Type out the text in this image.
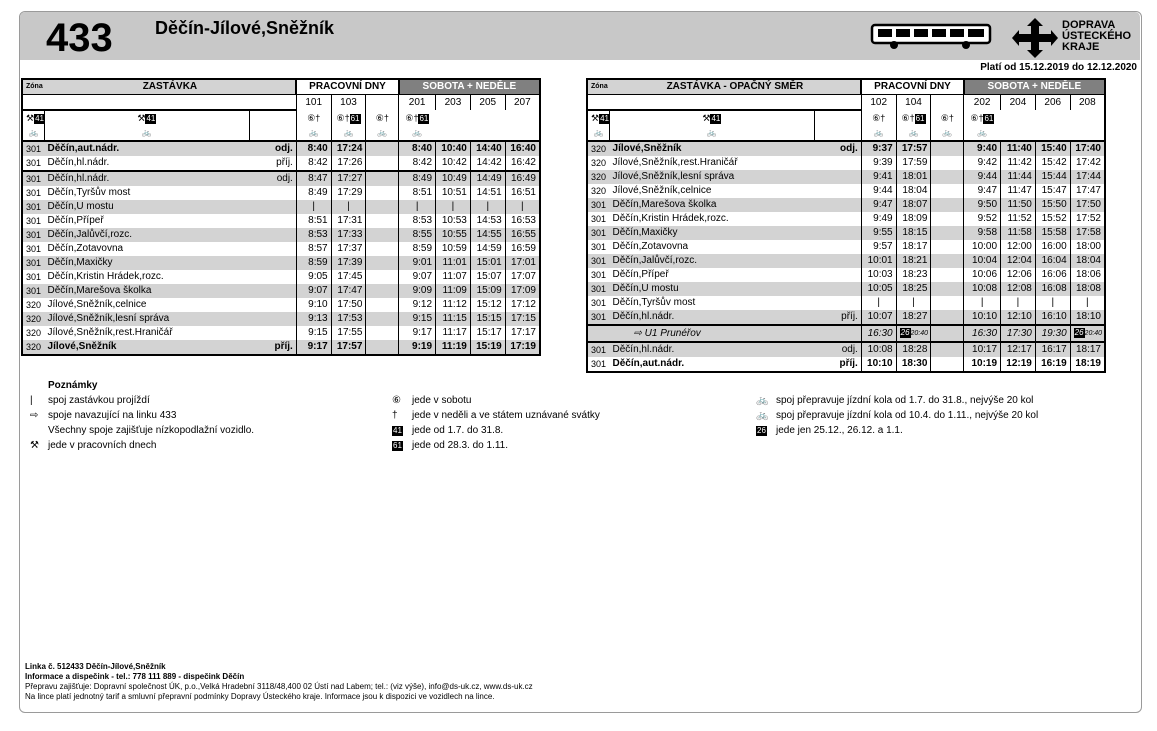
433 Děčín-Jílové,Sněžník	DOPRAVA
ÚSTECKÉHO
KRAJE
Platí od 15.12.2019 do 12.12.2020
Zóna	ZASTÁVKA		PRACOVNÍ DNY			SOBOTA + NEDĚLE			
			101	103		201	203	205	207
⚒41	⚒41		⑥†	⑥†61	⑥†	⑥†61			
🚲	🚲		🚲	🚲	🚲	🚲			
301	Děčín,aut.nádr.	odj.	8:40	17:24		8:40	10:40	14:40	16:40
301	Děčín,hl.nádr.	příj.	8:42	17:26		8:42	10:42	14:42	16:42
301	Děčín,hl.nádr.	odj.	8:47	17:27		8:49	10:49	14:49	16:49
301	Děčín,Tyršův most		8:49	17:29		8:51	10:51	14:51	16:51
301	Děčín,U mostu		|	|		|	|	|	|
301	Děčín,Přípeř		8:51	17:31		8:53	10:53	14:53	16:53
301	Děčín,Jalůvčí,rozc.		8:53	17:33		8:55	10:55	14:55	16:55
301	Děčín,Zotavovna		8:57	17:37		8:59	10:59	14:59	16:59
301	Děčín,Maxičky		8:59	17:39		9:01	11:01	15:01	17:01
301	Děčín,Kristin Hrádek,rozc.		9:05	17:45		9:07	11:07	15:07	17:07
301	Děčín,Marešova školka		9:07	17:47		9:09	11:09	15:09	17:09
320	Jílové,Sněžník,celnice		9:10	17:50		9:12	11:12	15:12	17:12
320	Jílové,Sněžník,lesní správa		9:13	17:53		9:15	11:15	15:15	17:15
320	Jílové,Sněžník,rest.Hraničář		9:15	17:55		9:17	11:17	15:17	17:17
320	Jílové,Sněžník	příj.	9:17	17:57		9:19	11:19	15:19	17:19
Zóna	ZASTÁVKA - OPAČNÝ SMĚR		PRACOVNÍ DNY			SOBOTA + NEDĚLE			
			102	104		202	204	206	208
⚒41	⚒41		⑥†	⑥†61	⑥†	⑥†61			
🚲	🚲		🚲	🚲	🚲	🚲			
320	Jílové,Sněžník	odj.	9:37	17:57		9:40	11:40	15:40	17:40
320	Jílové,Sněžník,rest.Hraničář		9:39	17:59		9:42	11:42	15:42	17:42
320	Jílové,Sněžník,lesní správa		9:41	18:01		9:44	11:44	15:44	17:44
320	Jílové,Sněžník,celnice		9:44	18:04		9:47	11:47	15:47	17:47
301	Děčín,Marešova školka		9:47	18:07		9:50	11:50	15:50	17:50
301	Děčín,Kristin Hrádek,rozc.		9:49	18:09		9:52	11:52	15:52	17:52
301	Děčín,Maxičky		9:55	18:15		9:58	11:58	15:58	17:58
301	Děčín,Zotavovna		9:57	18:17		10:00	12:00	16:00	18:00
301	Děčín,Jalůvčí,rozc.		10:01	18:21		10:04	12:04	16:04	18:04
301	Děčín,Přípeř		10:03	18:23		10:06	12:06	16:06	18:06
301	Děčín,U mostu		10:05	18:25		10:08	12:08	16:08	18:08
301	Děčín,Tyršův most		|	|		|	|	|	|
301	Děčín,hl.nádr.	příj.	10:07	18:27		10:10	12:10	16:10	18:10
	⇨ U1 Prunéřov		16:30	2620:40		16:30	17:30	19:30	2620:40
301	Děčín,hl.nádr.	odj.	10:08	18:28		10:17	12:17	16:17	18:17
301	Děčín,aut.nádr.	příj.	10:10	18:30		10:19	12:19	16:19	18:19
Poznámky
| spoj zastávkou projíždí
⇨ spoje navazující na linku 433
Všechny spoje zajišťuje nízkopodlažní vozidlo.
⚒ jede v pracovních dnech
⑥ jede v sobotu
† jede v neděli a ve státem uznávané svátky
41 jede od 1.7. do 31.8.
61 jede od 28.3. do 1.11.
🚲 spoj přepravuje jízdní kola od 1.7. do 31.8., nejvýše 20 kol
🚲 spoj přepravuje jízdní kola od 10.4. do 1.11., nejvýše 20 kol
26 jede jen 25.12., 26.12. a 1.1.
Linka č. 512433 Děčín-Jílové,Sněžník
Informace a dispečink - tel.: 778 111 889 - dispečink Děčín
Přepravu zajišťuje: Dopravní společnost ÚK, p.o.,Velká Hradební 3118/48,400 02 Ústí nad Labem; tel.: (viz výše), info@ds-uk.cz, www.ds-uk.cz
Na lince platí jednotný tarif a smluvní přepravní podmínky Dopravy Ústeckého kraje. Informace jsou k dispozici ve vozidlech na lince.
